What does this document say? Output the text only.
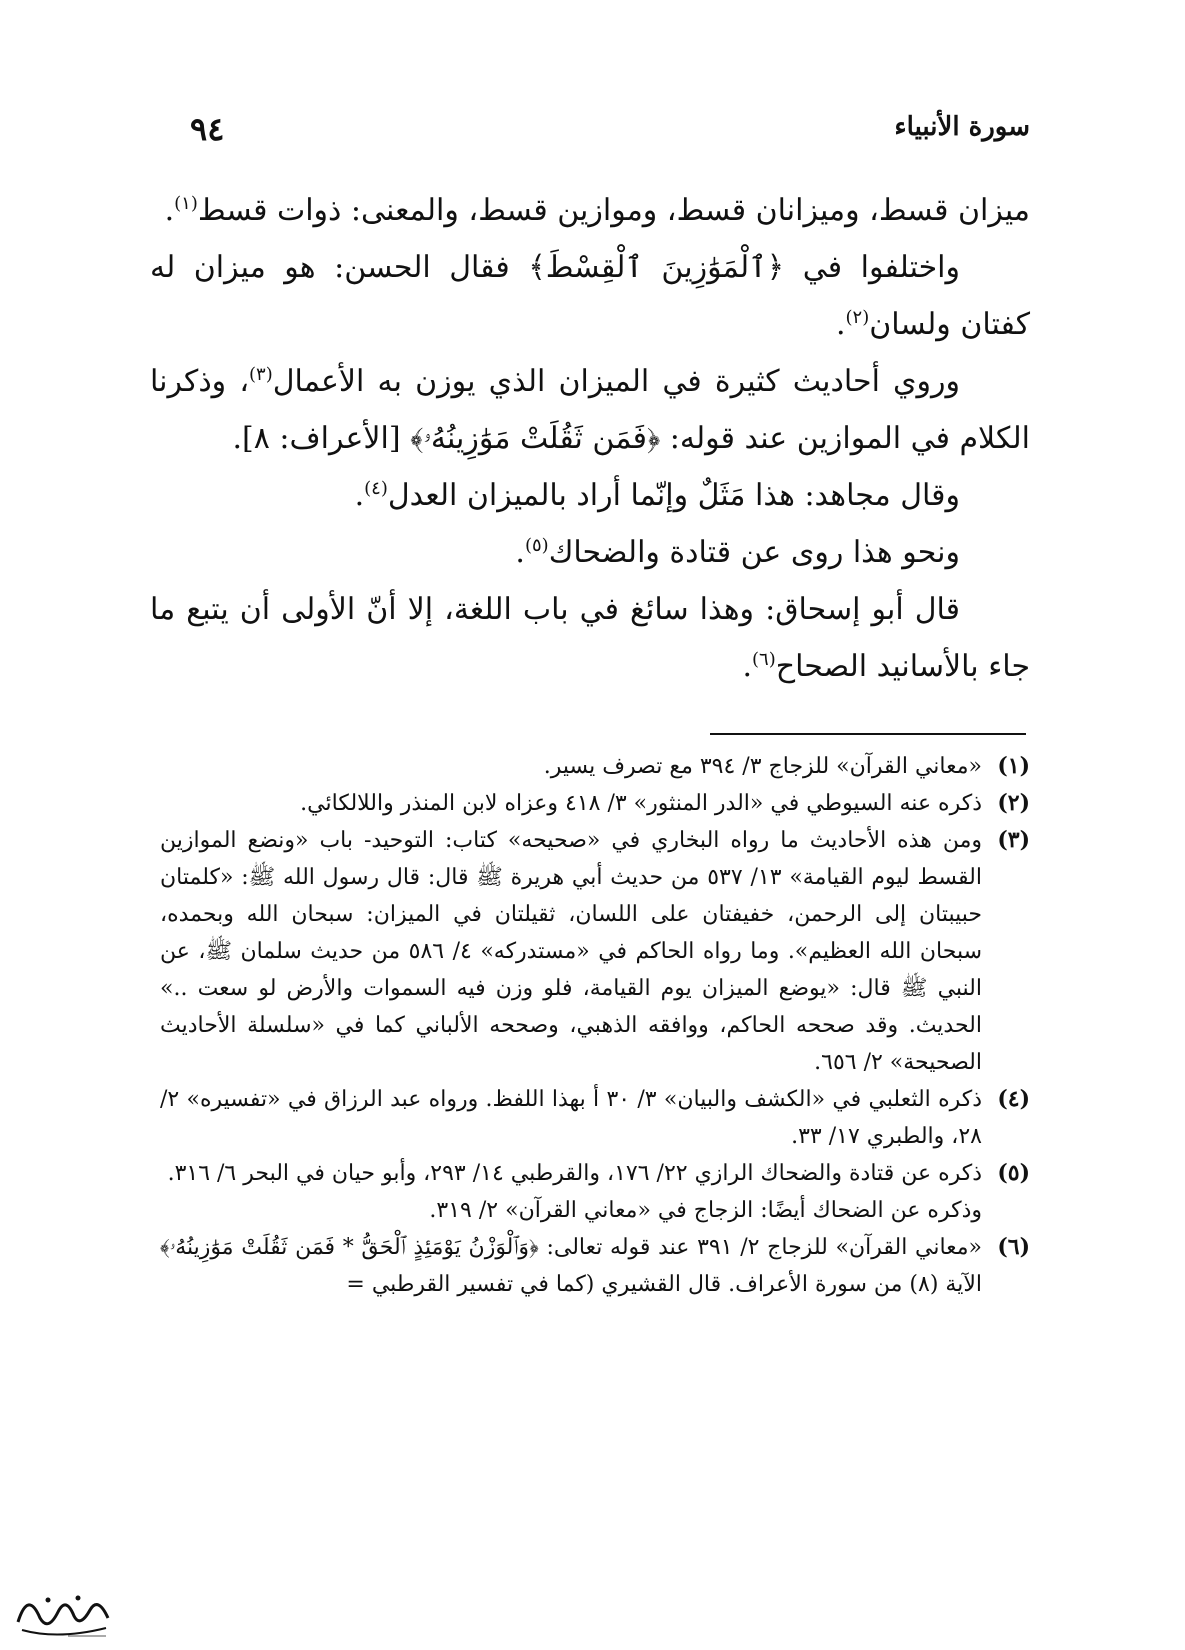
سورة الأنبياء
٩٤

ميزان قسط، وميزانان قسط، وموازين قسط، والمعنى: ذوات قسط$^{(١)}$.

واختلفوا في ﴿ٱلْمَوَٰزِينَ ٱلْقِسْطَ﴾ فقال الحسن: هو ميزان له كفتان ولسان$^{(٢)}$.

وروي أحاديث كثيرة في الميزان الذي يوزن به الأعمال$^{(٣)}$، وذكرنا الكلام في الموازين عند قوله: ﴿فَمَن ثَقُلَتْ مَوَٰزِينُهُۥ﴾ [الأعراف: ٨].

وقال مجاهد: هذا مَثَلٌ وإنّما أراد بالميزان العدل$^{(٤)}$.

ونحو هذا روى عن قتادة والضحاك$^{(٥)}$.

قال أبو إسحاق: وهذا سائغ في باب اللغة، إلا أنّ الأولى أن يتبع ما جاء بالأسانيد الصحاح$^{(٦)}$.

(١)
«معاني القرآن» للزجاج ٣/ ٣٩٤ مع تصرف يسير.
(٢)
ذكره عنه السيوطي في «الدر المنثور» ٣/ ٤١٨ وعزاه لابن المنذر واللالكائي.
(٣)
ومن هذه الأحاديث ما رواه البخاري في «صحيحه» كتاب: التوحيد- باب «ونضع الموازين القسط ليوم القيامة» ١٣/ ٥٣٧ من حديث أبي هريرة ﷺ قال: قال رسول الله ﷺ: «كلمتان حبيبتان إلى الرحمن، خفيفتان على اللسان، ثقيلتان في الميزان: سبحان الله وبحمده، سبحان الله العظيم». وما رواه الحاكم في «مستدركه» ٤/ ٥٨٦ من حديث سلمان ﷺ، عن النبي ﷺ قال: «يوضع الميزان يوم القيامة، فلو وزن فيه السموات والأرض لو سعت ..» الحديث. وقد صححه الحاكم، ووافقه الذهبي، وصححه الألباني كما في «سلسلة الأحاديث الصحيحة» ٢/ ٦٥٦.
(٤)
ذكره الثعلبي في «الكشف والبيان» ٣/ ٣٠ أ بهذا اللفظ. ورواه عبد الرزاق في «تفسيره» ٢/ ٢٨، والطبري ١٧/ ٣٣.
(٥)
ذكره عن قتادة والضحاك الرازي ٢٢/ ١٧٦، والقرطبي ١٤/ ٢٩٣، وأبو حيان في البحر ٦/ ٣١٦.
وذكره عن الضحاك أيضًا: الزجاج في «معاني القرآن» ٢/ ٣١٩.
(٦)
«معاني القرآن» للزجاج ٢/ ٣٩١ عند قوله تعالى: ﴿وَٱلْوَزْنُ يَوْمَئِذٍ ٱلْحَقُّ * فَمَن ثَقُلَتْ مَوَٰزِينُهُۥ﴾ الآية (٨) من سورة الأعراف. قال القشيري (كما في تفسير القرطبي =
